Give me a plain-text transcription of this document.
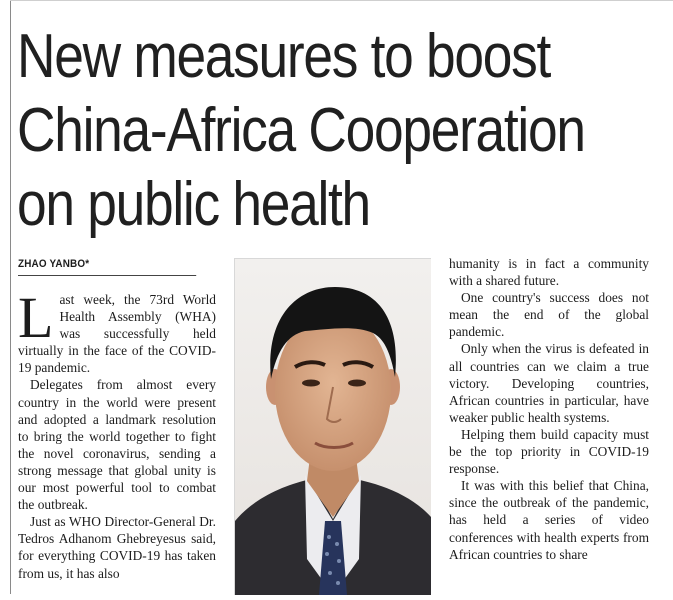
New measures to boost
China-Africa Cooperation
on public health
ZHAO YANBO*

Last week, the 73rd World Health Assembly (WHA) was successfully held virtually in the face of the COVID-19 pandemic.

Delegates from almost every country in the world were present and adopted a landmark resolution to bring the world together to fight the novel coronavirus, sending a strong message that global unity is our most powerful tool to combat the outbreak.

Just as WHO Director-General Dr. Tedros Adhanom Ghebreyesus said, for everything COVID-19 has taken from us, it has also

humanity is in fact a community with a shared future.

One country's success does not mean the end of the global pandemic.

Only when the virus is defeated in all countries can we claim a true victory. Developing countries, African countries in particular, have weaker public health systems.

Helping them build capacity must be the top priority in COVID-19 response.

It was with this belief that China, since the outbreak of the pandemic, has held a series of video conferences with health experts from African countries to share
